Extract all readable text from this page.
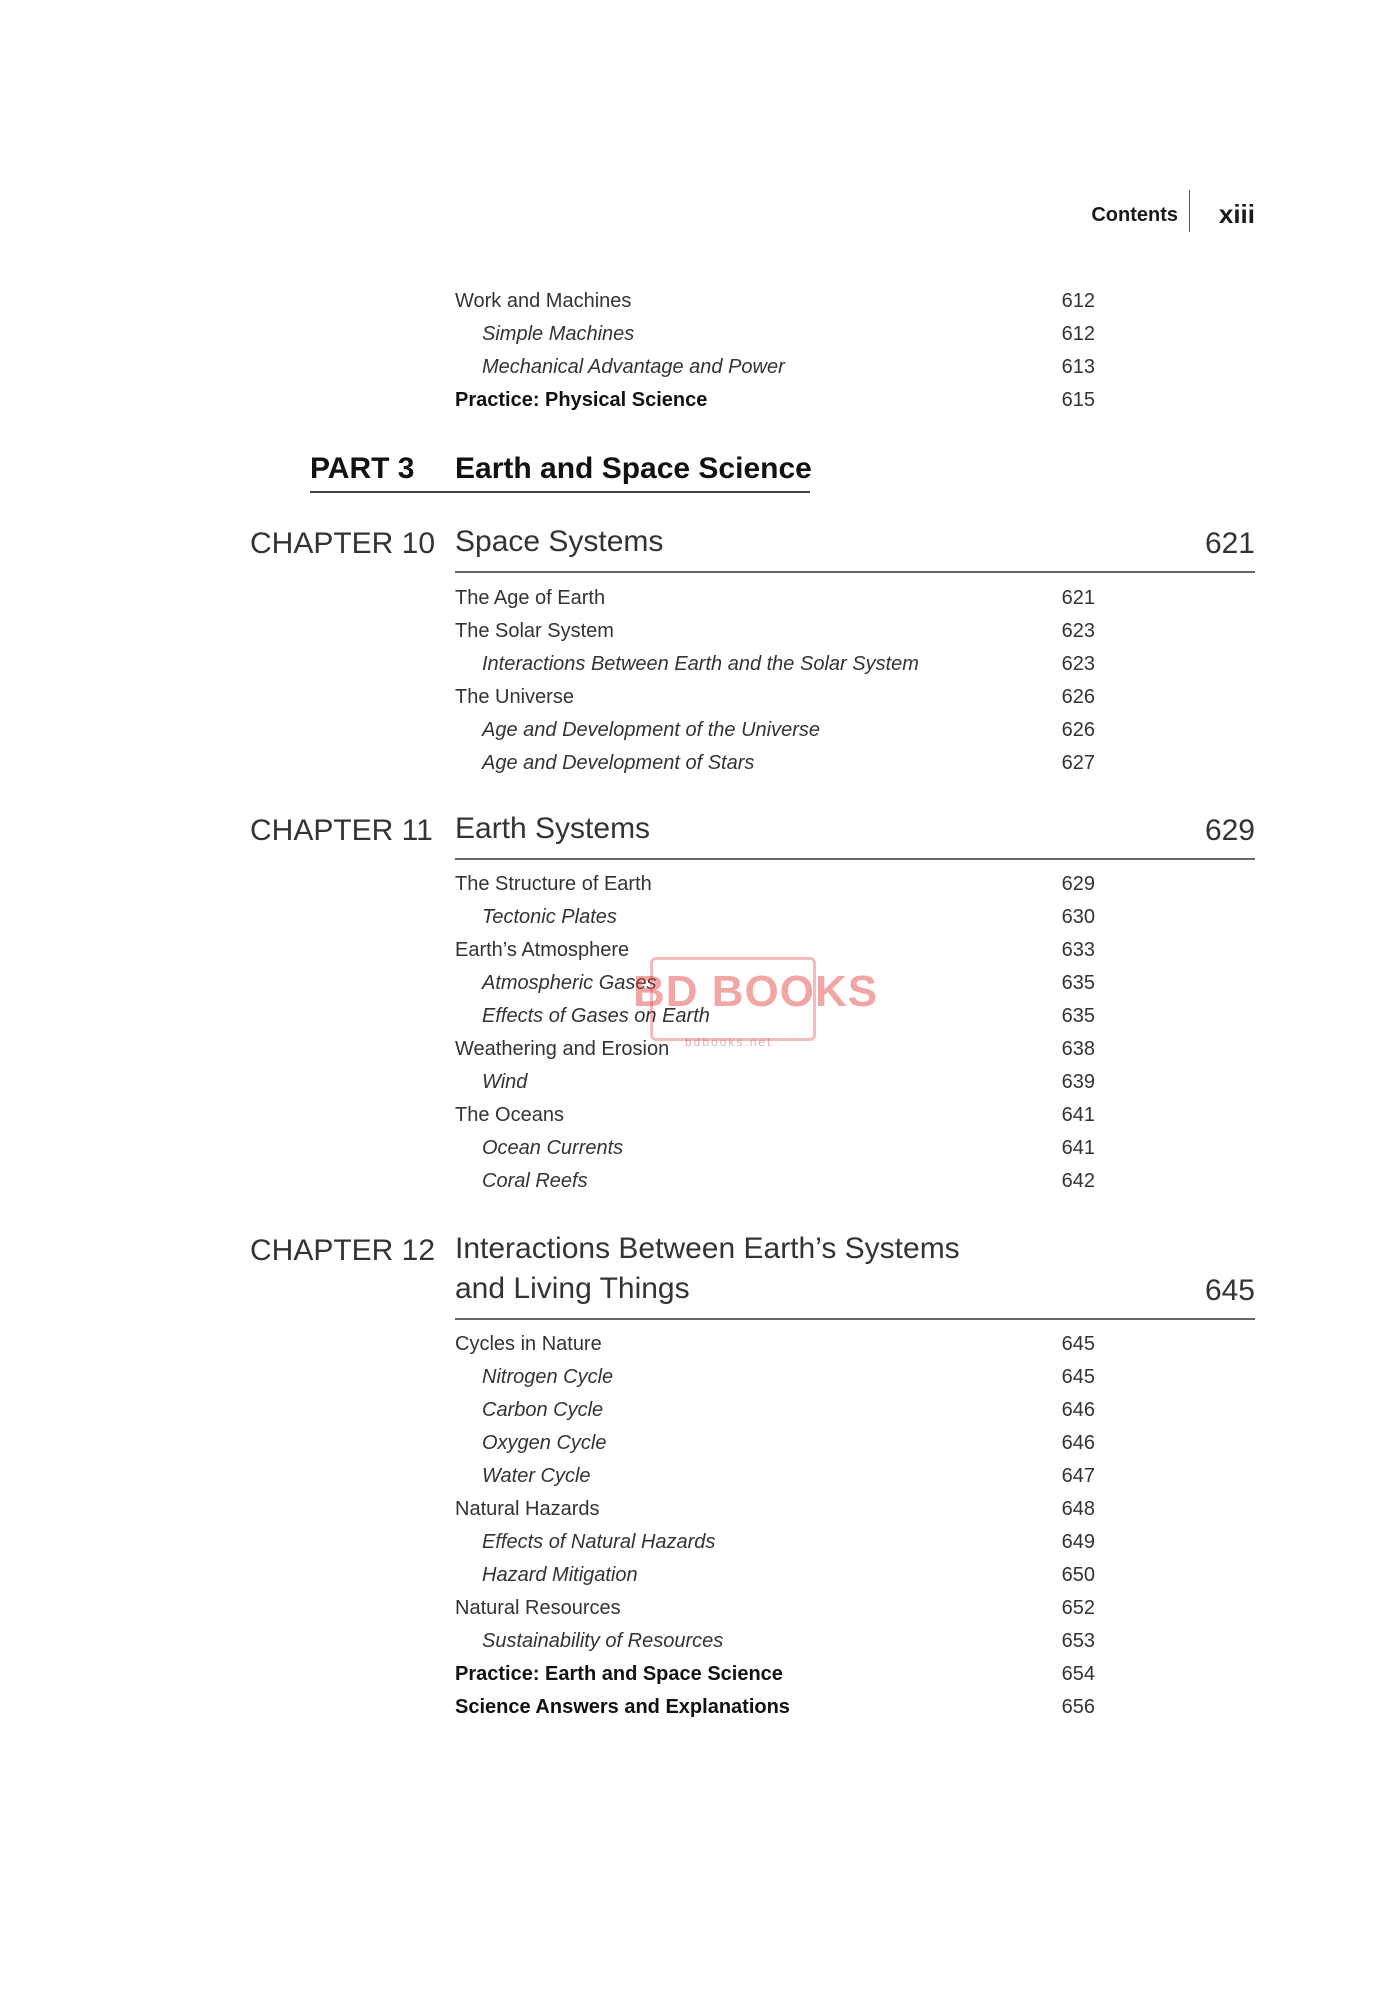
Contents xiii
Work and Machines	612
Simple Machines	612
Mechanical Advantage and Power	613
Practice: Physical Science	615
PART 3 Earth and Space Science
CHAPTER 10 Space Systems	621
The Age of Earth	621
The Solar System	623
Interactions Between Earth and the Solar System	623
The Universe	626
Age and Development of the Universe	626
Age and Development of Stars	627
CHAPTER 11 Earth Systems	629
The Structure of Earth	629
Tectonic Plates	630
Earth’s Atmosphere	633
Atmospheric Gases	635
Effects of Gases on Earth	635
Weathering and Erosion	638
Wind	639
The Oceans	641
Ocean Currents	641
Coral Reefs	642
CHAPTER 12 Interactions Between Earth’s Systems
and Living Things	645
Cycles in Nature	645
Nitrogen Cycle	645
Carbon Cycle	646
Oxygen Cycle	646
Water Cycle	647
Natural Hazards	648
Effects of Natural Hazards	649
Hazard Mitigation	650
Natural Resources	652
Sustainability of Resources	653
Practice: Earth and Space Science	654
Science Answers and Explanations	656
BD BOOKS
bdbooks.net
